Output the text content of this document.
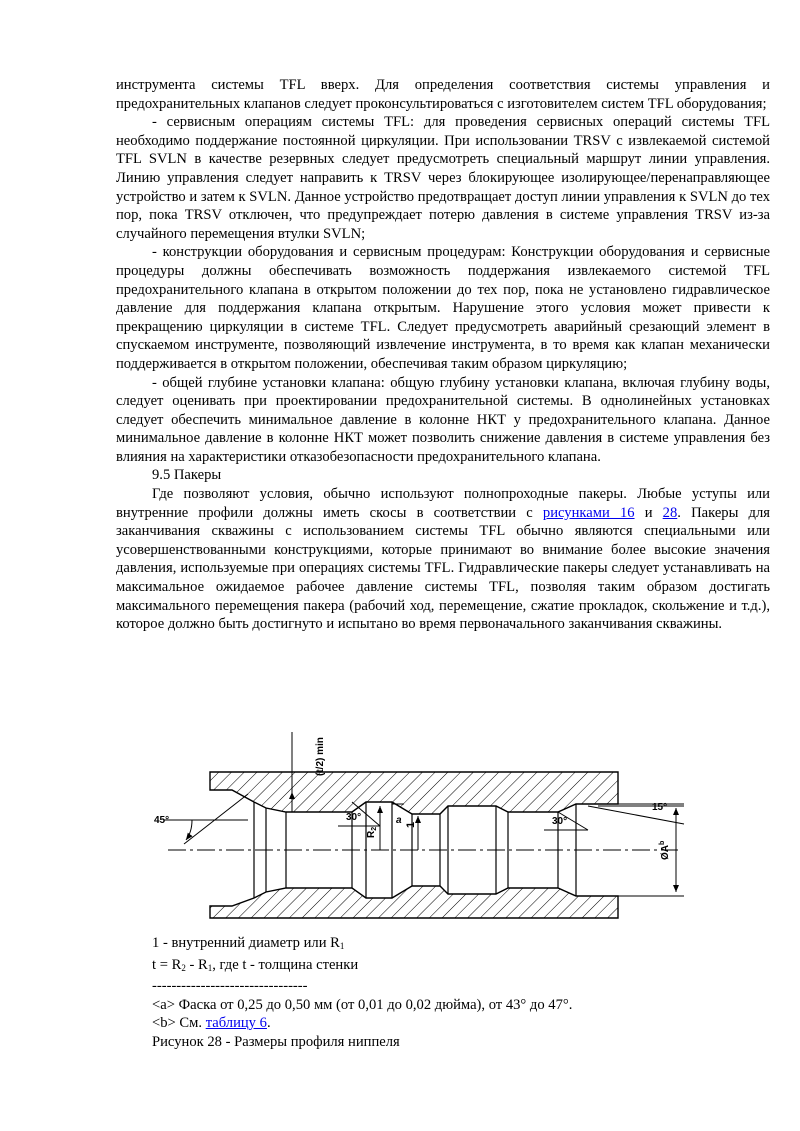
инструмента системы TFL вверх. Для определения соответствия системы управления и предохранительных клапанов следует проконсультироваться с изготовителем систем TFL оборудования;

- сервисным операциям системы TFL: для проведения сервисных операций системы TFL необходимо поддержание постоянной циркуляции. При использовании TRSV с извлекаемой системой TFL SVLN в качестве резервных следует предусмотреть специальный маршрут линии управления. Линию управления следует направить к TRSV через блокирующее изолирующее/перенаправляющее устройство и затем к SVLN. Данное устройство предотвращает доступ линии управления к SVLN до тех пор, пока TRSV отключен, что предупреждает потерю давления в системе управления TRSV из-за случайного перемещения втулки SVLN;

- конструкции оборудования и сервисным процедурам: Конструкции оборудования и сервисные процедуры должны обеспечивать возможность поддержания извлекаемого системой TFL предохранительного клапана в открытом положении до тех пор, пока не установлено гидравлическое давление для поддержания клапана открытым. Нарушение этого условия может привести к прекращению циркуляции в системе TFL. Следует предусмотреть аварийный срезающий элемент в спускаемом инструменте, позволяющий извлечение инструмента, в то время как клапан механически поддерживается в открытом положении, обеспечивая таким образом циркуляцию;

- общей глубине установки клапана: общую глубину установки клапана, включая глубину воды, следует оценивать при проектировании предохранительной системы. В однолинейных установках следует обеспечить минимальное давление в колонне НКТ у предохранительного клапана. Данное минимальное давление в колонне НКТ может позволить снижение давления в системе управления без влияния на характеристики отказобезопасности предохранительного клапана.

9.5 Пакеры

Где позволяют условия, обычно используют полнопроходные пакеры. Любые уступы или внутренние профили должны иметь скосы в соответствии с рисунками 16 и 28. Пакеры для заканчивания скважины с использованием системы TFL обычно являются специальными или усовершенствованными конструкциями, которые принимают во внимание более высокие значения давления, используемые при операциях системы TFL. Гидравлические пакеры следует устанавливать на максимальное ожидаемое рабочее давление системы TFL, позволяя таким образом достигать максимального перемещения пакера (рабочий ход, перемещение, сжатие прокладок, скольжение и т.д.), которое должно быть достигнуто и испытано во время первоначального заканчивания скважины.

45°
(t/2) min
30°	a
$R_2$
1	30°
15°
$ØA^b$

1 - внутренний диаметр или $R_1$

$t = R_2 - R_1$, где t - толщина стенки

--------------------------------

<a> Фаска от 0,25 до 0,50 мм (от 0,01 до 0,02 дюйма), от 43° до 47°.

<b> См. таблицу 6.

Рисунок 28 - Размеры профиля ниппеля
